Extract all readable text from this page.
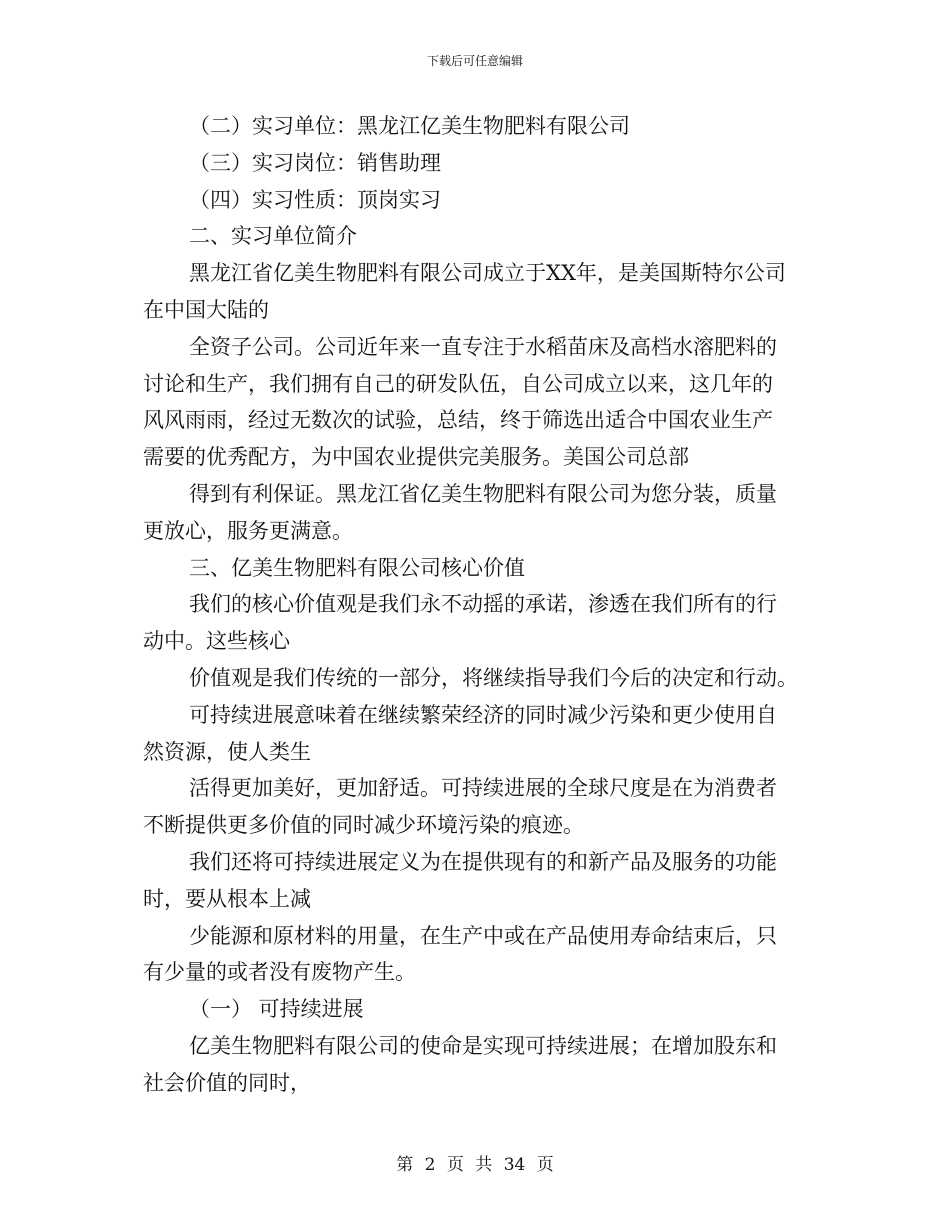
下载后可任意编辑
（二）实习单位：黑龙江亿美生物肥料有限公司
（三）实习岗位：销售助理
（四）实习性质：顶岗实习
二、实习单位简介
黑龙江省亿美生物肥料有限公司成立于XX年，是美国斯特尔公司
在中国大陆的
全资子公司。公司近年来一直专注于水稻苗床及高档水溶肥料的
讨论和生产，我们拥有自己的研发队伍，自公司成立以来，这几年的
风风雨雨，经过无数次的试验，总结，终于筛选出适合中国农业生产
需要的优秀配方，为中国农业提供完美服务。美国公司总部
得到有利保证。黑龙江省亿美生物肥料有限公司为您分装，质量
更放心，服务更满意。
三、亿美生物肥料有限公司核心价值
我们的核心价值观是我们永不动摇的承诺，渗透在我们所有的行
动中。这些核心
价值观是我们传统的一部分，将继续指导我们今后的决定和行动。
可持续进展意味着在继续繁荣经济的同时减少污染和更少使用自
然资源，使人类生
活得更加美好，更加舒适。可持续进展的全球尺度是在为消费者
不断提供更多价值的同时减少环境污染的痕迹。
我们还将可持续进展定义为在提供现有的和新产品及服务的功能
时，要从根本上减
少能源和原材料的用量，在生产中或在产品使用寿命结束后，只
有少量的或者没有废物产生。
（一） 可持续进展
亿美生物肥料有限公司的使命是实现可持续进展；在增加股东和
社会价值的同时，
第 2 页 共 34 页
